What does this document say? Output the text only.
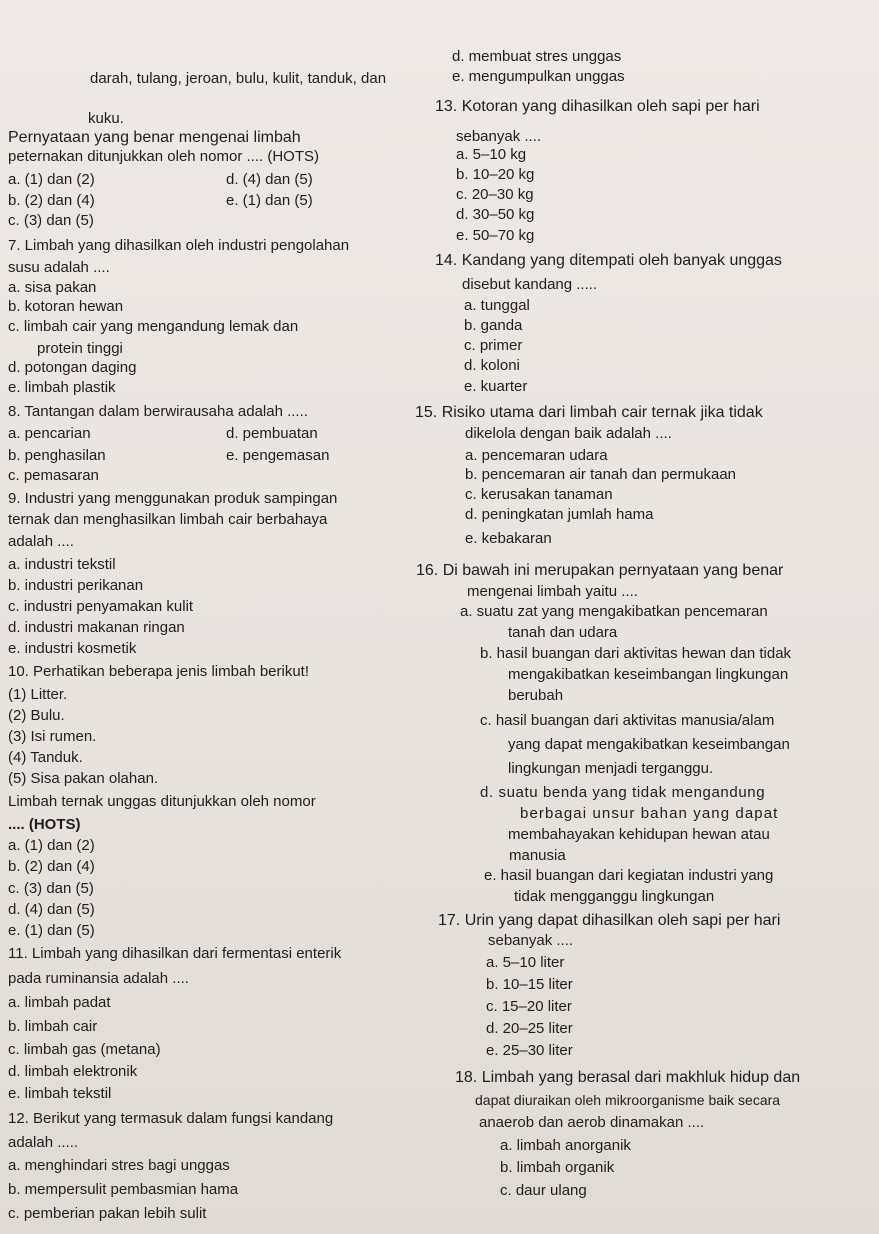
darah, tulang, jeroan, bulu, kulit, tanduk, dan
kuku.
Pernyataan yang benar mengenai limbah
peternakan ditunjukkan oleh nomor .... (HOTS)
a. (1) dan (2)	d. (4) dan (5)
b. (2) dan (4)	e. (1) dan (5)
c. (3) dan (5)
7. Limbah yang dihasilkan oleh industri pengolahan
susu adalah ....
a. sisa pakan
b. kotoran hewan
c. limbah cair yang mengandung lemak dan
protein tinggi
d. potongan daging
e. limbah plastik
8. Tantangan dalam berwirausaha adalah .....
a. pencarian	d. pembuatan
b. penghasilan	e. pengemasan
c. pemasaran
9. Industri yang menggunakan produk sampingan
ternak dan menghasilkan limbah cair berbahaya
adalah ....
a. industri tekstil
b. industri perikanan
c. industri penyamakan kulit
d. industri makanan ringan
e. industri kosmetik
10. Perhatikan beberapa jenis limbah berikut!
(1) Litter.
(2) Bulu.
(3) Isi rumen.
(4) Tanduk.
(5) Sisa pakan olahan.
Limbah ternak unggas ditunjukkan oleh nomor
.... (HOTS)
a. (1) dan (2)
b. (2) dan (4)
c. (3) dan (5)
d. (4) dan (5)
e. (1) dan (5)
11. Limbah yang dihasilkan dari fermentasi enterik
pada ruminansia adalah ....
a. limbah padat
b. limbah cair
c. limbah gas (metana)
d. limbah elektronik
e. limbah tekstil
12. Berikut yang termasuk dalam fungsi kandang
adalah .....
a. menghindari stres bagi unggas
b. mempersulit pembasmian hama
c. pemberian pakan lebih sulit
d. membuat stres unggas
e. mengumpulkan unggas
13. Kotoran yang dihasilkan oleh sapi per hari
sebanyak ....
a. 5–10 kg
b. 10–20 kg
c. 20–30 kg
d. 30–50 kg
e. 50–70 kg
14. Kandang yang ditempati oleh banyak unggas
disebut kandang .....
a. tunggal
b. ganda
c. primer
d. koloni
e. kuarter
15. Risiko utama dari limbah cair ternak jika tidak
dikelola dengan baik adalah ....
a. pencemaran udara
b. pencemaran air tanah dan permukaan
c. kerusakan tanaman
d. peningkatan jumlah hama
e. kebakaran
16. Di bawah ini merupakan pernyataan yang benar
mengenai limbah yaitu ....
a. suatu zat yang mengakibatkan pencemaran
tanah dan udara
b. hasil buangan dari aktivitas hewan dan tidak
mengakibatkan keseimbangan lingkungan
berubah
c. hasil buangan dari aktivitas manusia/alam
yang dapat mengakibatkan keseimbangan
lingkungan menjadi terganggu.
d. suatu benda yang tidak mengandung
berbagai unsur bahan yang dapat
membahayakan kehidupan hewan atau
manusia
e. hasil buangan dari kegiatan industri yang
tidak mengganggu lingkungan
17. Urin yang dapat dihasilkan oleh sapi per hari
sebanyak ....
a. 5–10 liter
b. 10–15 liter
c. 15–20 liter
d. 20–25 liter
e. 25–30 liter
18. Limbah yang berasal dari makhluk hidup dan
dapat diuraikan oleh mikroorganisme baik secara
anaerob dan aerob dinamakan ....
a. limbah anorganik
b. limbah organik
c. daur ulang
